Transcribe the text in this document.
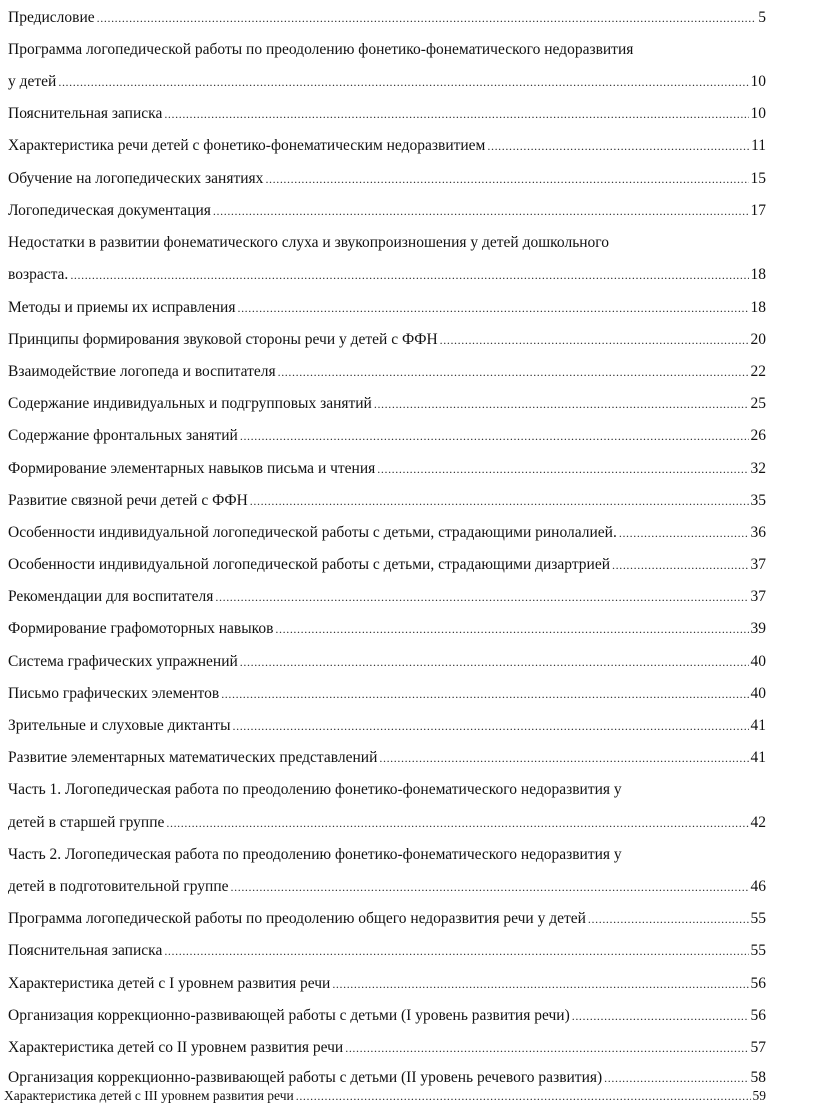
Предисловие .....	5
Программа логопедической работы по преодолению фонетико-фонематического недоразвития
у детей .....	10
Пояснительная записка .....	10
Характеристика речи детей с фонетико-фонематическим недоразвитием .....	11
Обучение на логопедических занятиях .....	15
Логопедическая документация .....	17
Недостатки в развитии фонематического слуха и звукопроизношения у детей дошкольного
возраста. .....	18
Методы и приемы их исправления .....	18
Принципы формирования звуковой стороны речи у детей с ФФН .....	20
Взаимодействие логопеда и воспитателя .....	22
Содержание индивидуальных и подгрупповых занятий .....	25
Содержание фронтальных занятий .....	26
Формирование элементарных навыков письма и чтения .....	32
Развитие связной речи детей с ФФН .....	35
Особенности индивидуальной логопедической работы с детьми, страдающими ринолалией. .....	36
Особенности индивидуальной логопедической работы с детьми, страдающими дизартрией .....	37
Рекомендации для воспитателя .....	37
Формирование графомоторных навыков .....	39
Система графических упражнений .....	40
Письмо графических элементов .....	40
Зрительные и слуховые диктанты .....	41
Развитие элементарных математических представлений .....	41
Часть 1. Логопедическая работа по преодолению фонетико-фонематического недоразвития у
детей в старшей группе .....	42
Часть 2. Логопедическая работа по преодолению фонетико-фонематического недоразвития у
детей в подготовительной группе .....	46
Программа логопедической работы по преодолению общего недоразвития речи у детей .....	55
Пояснительная записка .....	55
Характеристика детей с I уровнем развития речи .....	56
Организация коррекционно-развивающей работы с детьми (I уровень развития речи) .....	56
Характеристика детей со II уровнем развития речи .....	57
Организация коррекционно-развивающей работы с детьми (II уровень речевого развития) .....	58
Характеристика детей с III уровнем развития речи .....	59
